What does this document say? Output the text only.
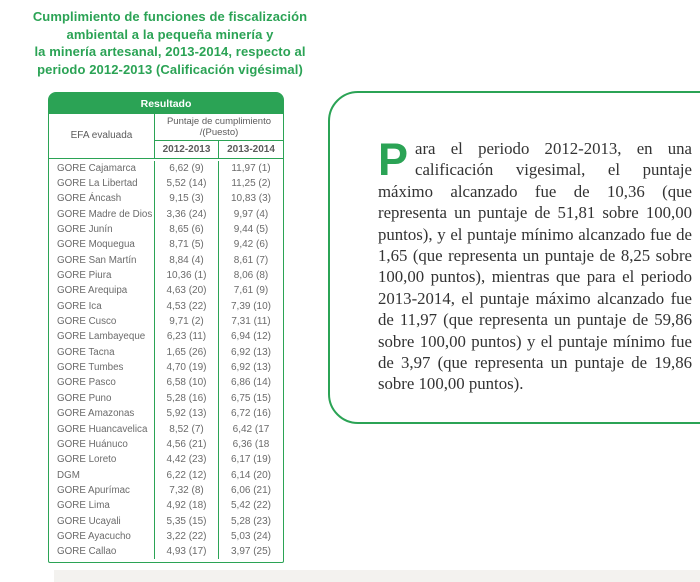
Cumplimiento de funciones de fiscalización
ambiental a la pequeña minería y
la minería artesanal, 2013-2014, respecto al
periodo 2012-2013 (Calificación vigésimal)
Resultado
EFA evaluada
Puntaje de cumplimiento /(Puesto)
2012-2013	2013-2014
GORE Cajamarca	6,62 (9)	11,97 (1)
GORE La Libertad	5,52 (14)	11,25 (2)
GORE Áncash	9,15 (3)	10,83 (3)
GORE Madre de Dios	3,36 (24)	9,97 (4)
GORE Junín	8,65 (6)	9,44 (5)
GORE Moquegua	8,71 (5)	9,42 (6)
GORE San Martín	8,84 (4)	8,61 (7)
GORE Piura	10,36 (1)	8,06 (8)
GORE Arequipa	4,63 (20)	7,61 (9)
GORE Ica	4,53 (22)	7,39 (10)
GORE Cusco	9,71 (2)	7,31 (11)
GORE Lambayeque	6,23 (11)	6,94 (12)
GORE Tacna	1,65 (26)	6,92 (13)
GORE Tumbes	4,70 (19)	6,92 (13)
GORE Pasco	6,58 (10)	6,86 (14)
GORE Puno	5,28 (16)	6,75 (15)
GORE Amazonas	5,92 (13)	6,72 (16)
GORE Huancavelica	8,52 (7)	6,42 (17
GORE Huánuco	4,56 (21)	6,36 (18
GORE Loreto	4,42 (23)	6,17 (19)
DGM	6,22 (12)	6,14 (20)
GORE Apurímac	7,32 (8)	6,06 (21)
GORE Lima	4,92 (18)	5,42 (22)
GORE Ucayali	5,35 (15)	5,28 (23)
GORE Ayacucho	3,22 (22)	5,03 (24)
GORE Callao	4,93 (17)	3,97 (25)
Para el periodo 2012-2013, en una calificación vigesimal, el puntaje máximo alcanzado fue de 10,36 (que representa un puntaje de 51,81 sobre 100,00 puntos), y el puntaje mínimo alcanzado fue de 1,65 (que representa un puntaje de 8,25 sobre 100,00 puntos), mientras que para el periodo 2013-2014, el puntaje máximo alcanzado fue de 11,97 (que representa un puntaje de 59,86 sobre 100,00 puntos) y el puntaje mínimo fue de 3,97 (que representa un puntaje de 19,86 sobre 100,00 puntos).
